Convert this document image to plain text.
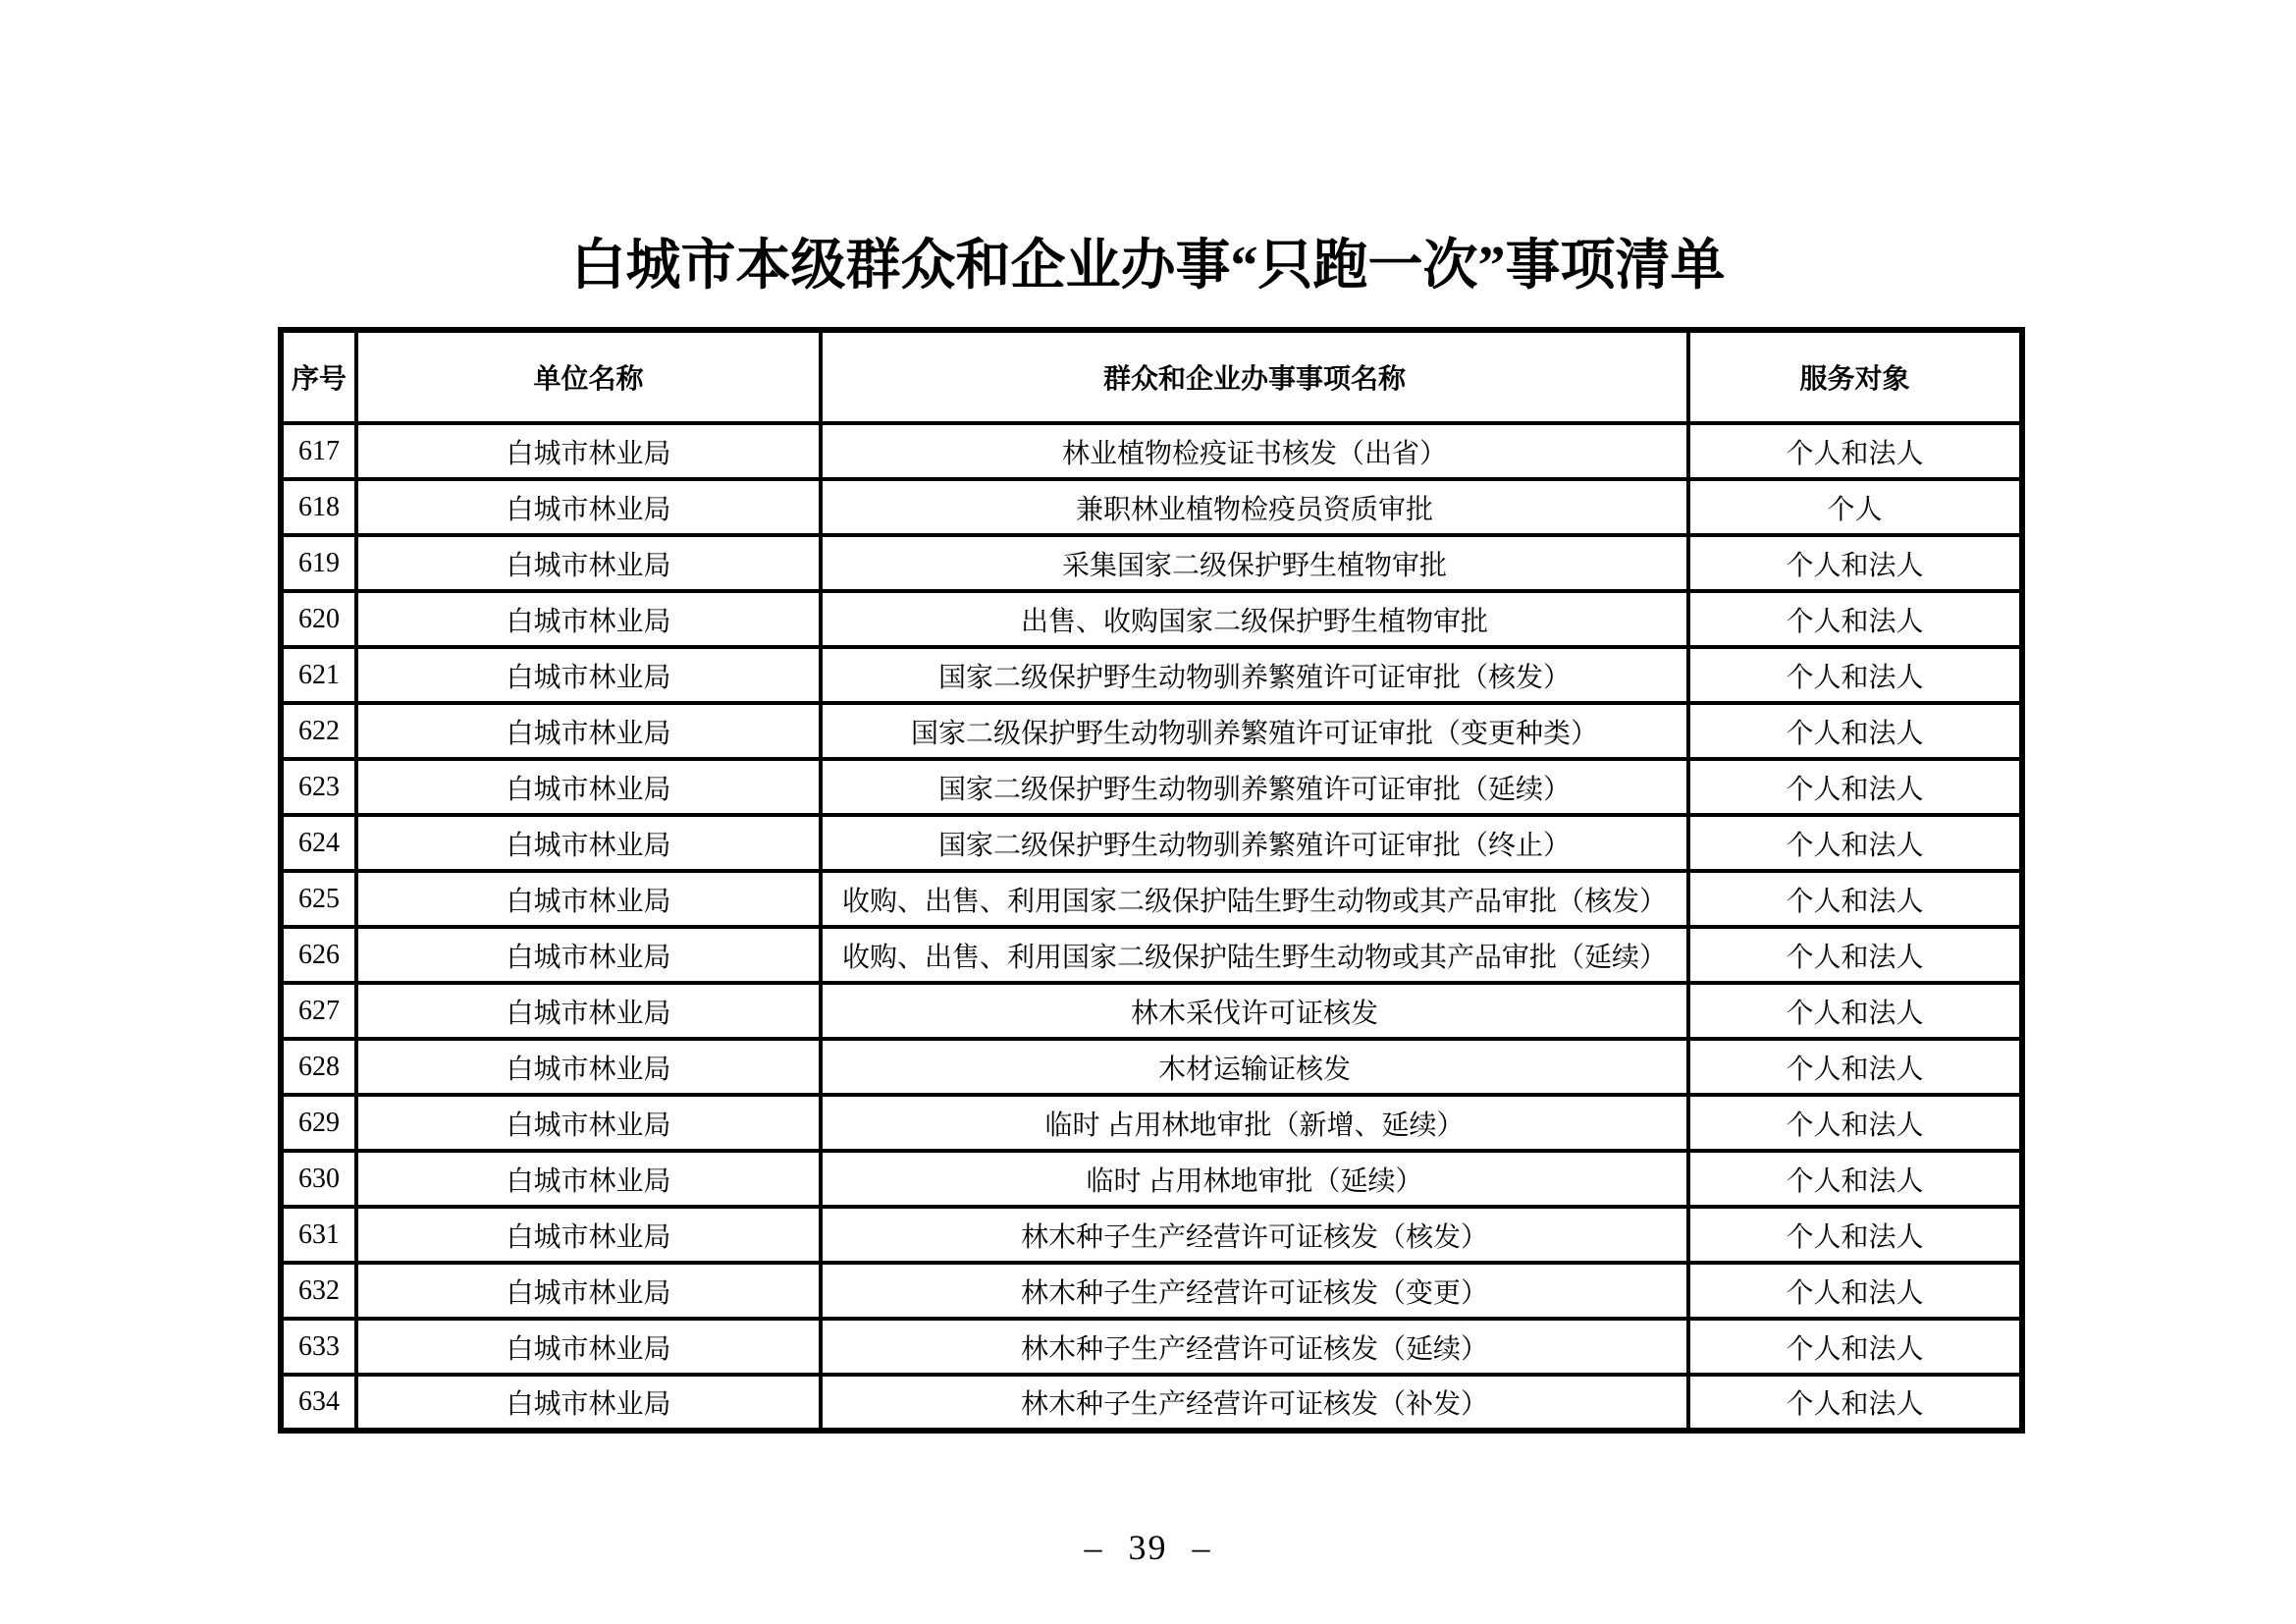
白城市本级群众和企业办事“只跑一次”事项清单
序号	单位名称	群众和企业办事事项名称	服务对象
617	白城市林业局	林业植物检疫证书核发（出省）	个人和法人
618	白城市林业局	兼职林业植物检疫员资质审批	个人
619	白城市林业局	采集国家二级保护野生植物审批	个人和法人
620	白城市林业局	出售、收购国家二级保护野生植物审批	个人和法人
621	白城市林业局	国家二级保护野生动物驯养繁殖许可证审批（核发）	个人和法人
622	白城市林业局	国家二级保护野生动物驯养繁殖许可证审批（变更种类）	个人和法人
623	白城市林业局	国家二级保护野生动物驯养繁殖许可证审批（延续）	个人和法人
624	白城市林业局	国家二级保护野生动物驯养繁殖许可证审批（终止）	个人和法人
625	白城市林业局	收购、出售、利用国家二级保护陆生野生动物或其产品审批（核发）	个人和法人
626	白城市林业局	收购、出售、利用国家二级保护陆生野生动物或其产品审批（延续）	个人和法人
627	白城市林业局	林木采伐许可证核发	个人和法人
628	白城市林业局	木材运输证核发	个人和法人
629	白城市林业局	临时 占用林地审批（新增、延续）	个人和法人
630	白城市林业局	临时 占用林地审批（延续）	个人和法人
631	白城市林业局	林木种子生产经营许可证核发（核发）	个人和法人
632	白城市林业局	林木种子生产经营许可证核发（变更）	个人和法人
633	白城市林业局	林木种子生产经营许可证核发（延续）	个人和法人
634	白城市林业局	林木种子生产经营许可证核发（补发）	个人和法人
– 39 –
